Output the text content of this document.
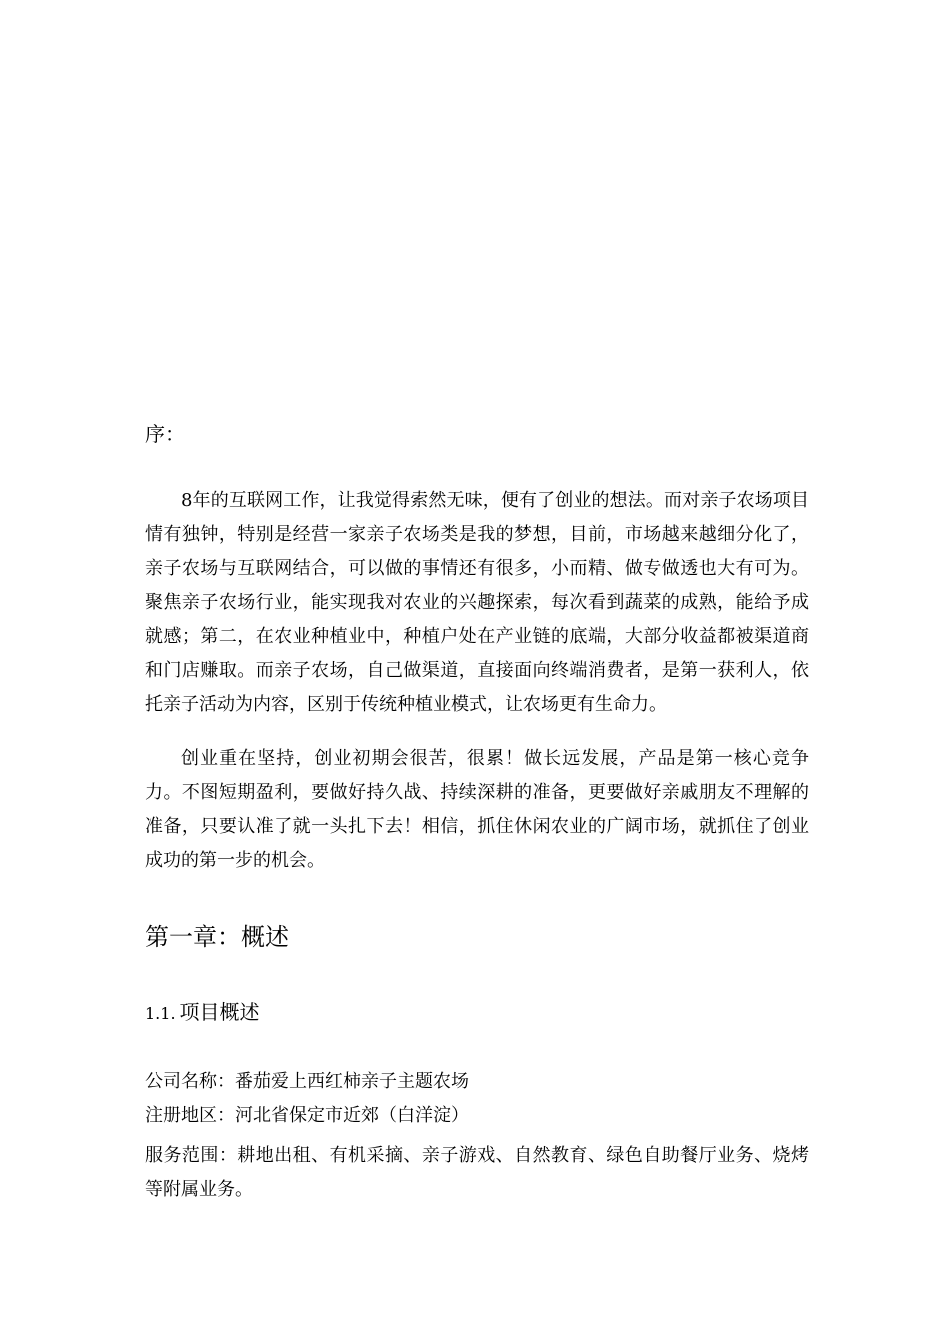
序：

8年的互联网工作，让我觉得索然无味，便有了创业的想法。而对亲子农场项目情有独钟，特别是经营一家亲子农场类是我的梦想，目前，市场越来越细分化了，亲子农场与互联网结合，可以做的事情还有很多，小而精、做专做透也大有可为。聚焦亲子农场行业，能实现我对农业的兴趣探索，每次看到蔬菜的成熟，能给予成就感；第二，在农业种植业中，种植户处在产业链的底端，大部分收益都被渠道商和门店赚取。而亲子农场，自己做渠道，直接面向终端消费者，是第一获利人，依托亲子活动为内容，区别于传统种植业模式，让农场更有生命力。

创业重在坚持，创业初期会很苦，很累！做长远发展，产品是第一核心竞争力。不图短期盈利，要做好持久战、持续深耕的准备，更要做好亲戚朋友不理解的准备，只要认准了就一头扎下去！相信，抓住休闲农业的广阔市场，就抓住了创业成功的第一步的机会。

第一章：概述
1.1. 项目概述

公司名称：番茄爱上西红柿亲子主题农场

注册地区：河北省保定市近郊（白洋淀）

服务范围：耕地出租、有机采摘、亲子游戏、自然教育、绿色自助餐厅业务、烧烤等附属业务。
